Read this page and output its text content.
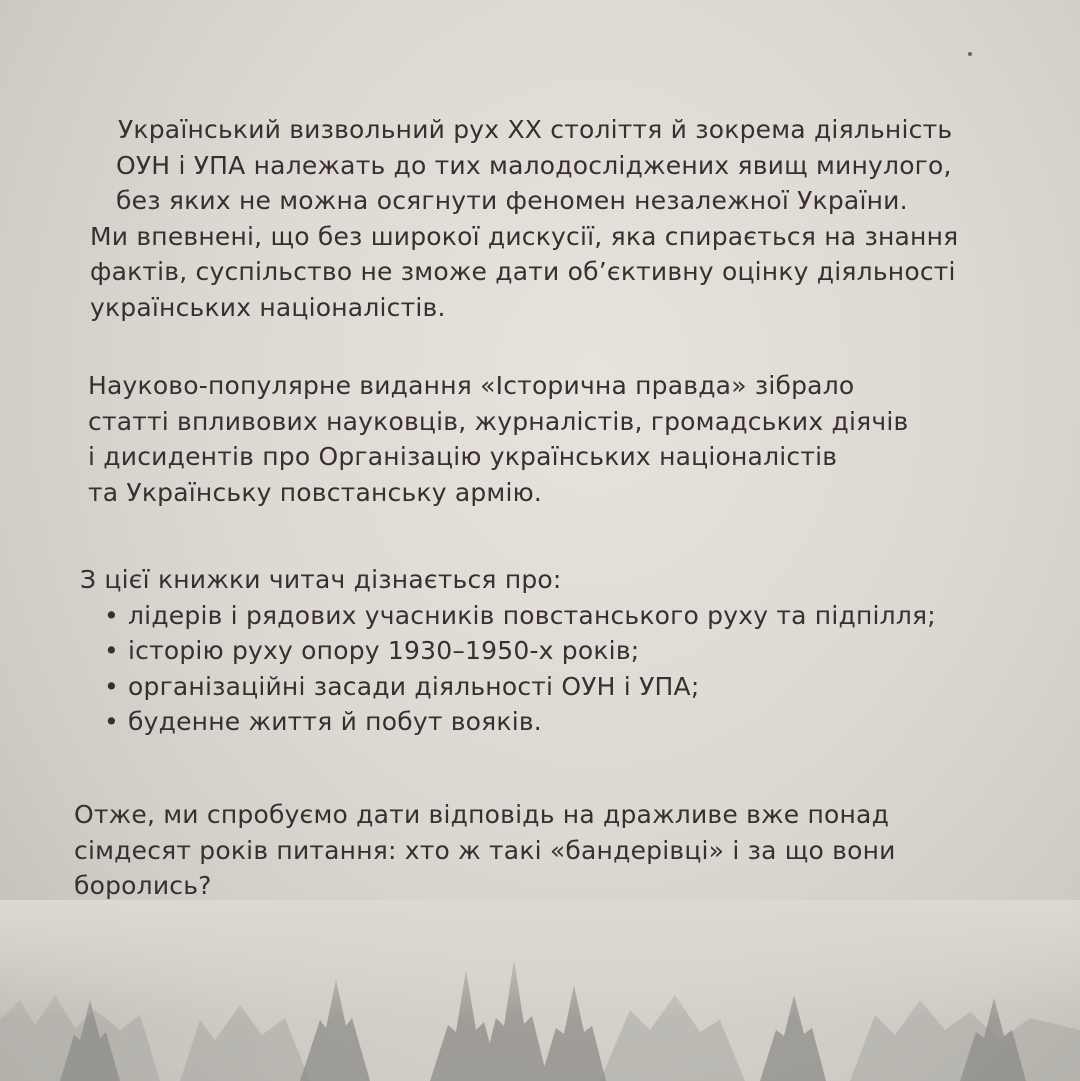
Український визвольний рух ХХ століття й зокрема діяльність
ОУН і УПА належать до тих малодосліджених явищ минулого,
без яких не можна осягнути феномен незалежної України.
Ми впевнені, що без широкої дискусії, яка спирається на знання
фактів, суспільство не зможе дати об’єктивну оцінку діяльності
українських націоналістів.
Науково-популярне видання «Історична правда» зібрало
статті впливових науковців, журналістів, громадських діячів
і дисидентів про Організацію українських націоналістів
та Українську повстанську армію.
З цієї книжки читач дізнається про:
• лідерів і рядових учасників повстанського руху та підпілля;
• історію руху опору 1930–1950-х років;
• організаційні засади діяльності ОУН і УПА;
• буденне життя й побут вояків.
Отже, ми спробуємо дати відповідь на дражливе вже понад
сімдесят років питання: хто ж такі «бандерівці» і за що вони
боролись?
